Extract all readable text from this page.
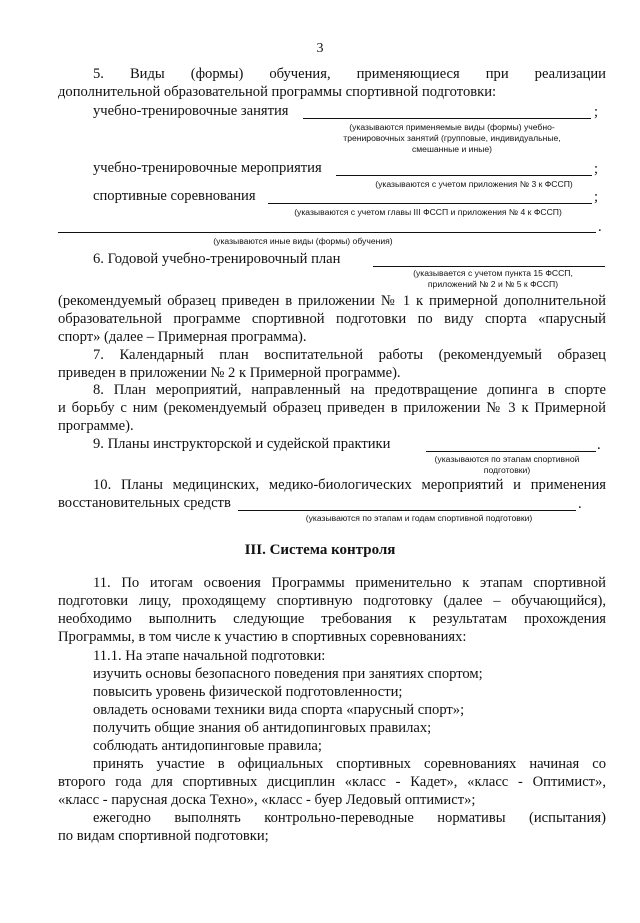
3
5. Виды (формы) обучения, применяющиеся при реализации
дополнительной образовательной программы спортивной подготовки:
учебно-тренировочные занятия	;
(указываются применяемые виды (формы) учебно-
тренировочных занятий (групповые, индивидуальные,
смешанные и иные)
учебно-тренировочные мероприятия	;
(указываются с учетом приложения № 3 к ФССП)
спортивные соревнования	;
(указываются с учетом главы III ФССП и приложения № 4 к ФССП)
.
(указываются иные виды (формы) обучения)
6. Годовой учебно-тренировочный план
(указывается с учетом пункта 15 ФССП,
приложений № 2 и № 5 к ФССП)
(рекомендуемый образец приведен в приложении № 1 к примерной дополнительной
образовательной программе спортивной подготовки по виду спорта «парусный
спорт» (далее – Примерная программа).
7. Календарный план воспитательной работы (рекомендуемый образец
приведен в приложении № 2 к Примерной программе).
8. План мероприятий, направленный на предотвращение допинга в спорте
и борьбу с ним (рекомендуемый образец приведен в приложении № 3 к Примерной
программе).
9. Планы инструкторской и судейской практики	.
(указываются по этапам спортивной
подготовки)
10. Планы медицинских, медико-биологических мероприятий и применения
восстановительных средств	.
(указываются по этапам и годам спортивной подготовки)
III. Система контроля
11. По итогам освоения Программы применительно к этапам спортивной
подготовки лицу, проходящему спортивную подготовку (далее – обучающийся),
необходимо выполнить следующие требования к результатам прохождения
Программы, в том числе к участию в спортивных соревнованиях:
11.1. На этапе начальной подготовки:
изучить основы безопасного поведения при занятиях спортом;
повысить уровень физической подготовленности;
овладеть основами техники вида спорта «парусный спорт»;
получить общие знания об антидопинговых правилах;
соблюдать антидопинговые правила;
принять участие в официальных спортивных соревнованиях начиная со
второго года для спортивных дисциплин «класс - Кадет», «класс - Оптимист»,
«класс - парусная доска Техно», «класс - буер Ледовый оптимист»;
ежегодно выполнять контрольно-переводные нормативы (испытания)
по видам спортивной подготовки;
